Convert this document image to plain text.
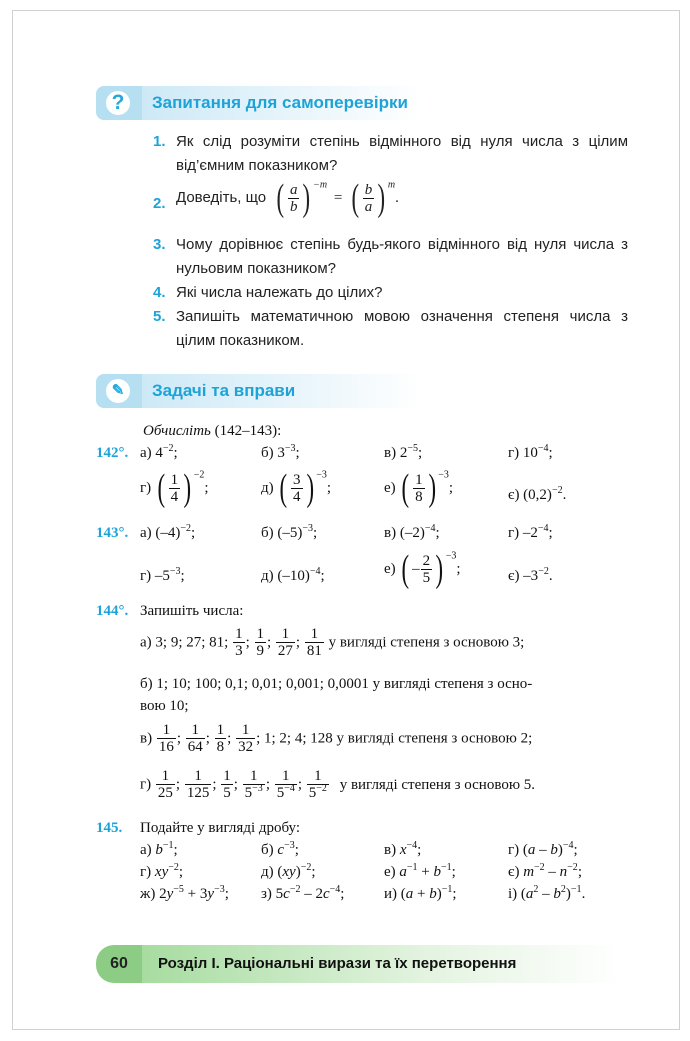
?	Запитання для самоперевірки
1. Як слід розуміти степінь відмінного від нуля числа з цілим від’ємним показником?
2. Доведіть, що ( $\frac{a}{b}$ ) $^{-m}$ = ( $\frac{b}{a}$ ) $^m$.
3. Чому дорівнює степінь будь-якого відмінного від нуля числа з нульовим показником?
4. Які числа належать до цілих?
5. Запишіть математичною мовою означення степеня числа з цілим показником.
✎	Задачі та вправи
Обчисліть (142–143):
142°. а) $4^{-2}$;	б) $3^{-3}$;	в) $2^{-5}$;	г) $10^{-4}$;
г) ( $\frac{1}{4}$ ) $^{-2}$;	д) ( $\frac{3}{4}$ ) $^{-3}$;	е) ( $\frac{1}{8}$ ) $^{-3}$;	є) $(0,2)^{-2}$.
143°. а) $(-4)^{-2}$;	б) $(-5)^{-3}$;	в) $(-2)^{-4}$;	г) $-2^{-4}$;
г) $-5^{-3}$;	д) $(-10)^{-4}$;	е) ( – $\frac{2}{5}$ ) $^{-3}$;	є) $-3^{-2}$.
144°. Запишіть числа:
а) 3; 9; 27; 81; $\frac{1}{3}$ ; $\frac{1}{9}$ ; $\frac{1}{27}$ ; $\frac{1}{81}$ у вигляді степеня з основою 3;
б) 1; 10; 100; 0,1; 0,01; 0,001; 0,0001 у вигляді степеня з осно-
вою 10;
$в) \frac{1}{16}$ ; $\frac{1}{64}$ ; $\frac{1}{8}$ ; $\frac{1}{32}$ ; 1; 2; 4; 128 у вигляді степеня з основою 2;
$г) \frac{1}{25}$ ; $\frac{1}{125}$ ; $\frac{1}{5}$ ; $\frac{1}{5^{-3}}$ ; $\frac{1}{5^{-4}}$ ; $\frac{1}{5^{-2}}$ у вигляді степеня з основою 5.
145. Подайте у вигляді дробу:
а) $b^{-1}$;	б) $c^{-3}$;	в) $x^{-4}$;	г) (a – b)$^{-4}$;
г) $xy^{-2}$;	д) (xy)$^{-2}$;	е) $a^{-1} + b^{-1}$;	є) $m^{-2} - n^{-2}$;
ж) $2y^{-5} + 3y^{-3}$; з) $5c^{-2} - 2c^{-4}$;	и) $(a + b)^{-1}$;	і) $(a^2 - b^2)^{-1}$.
60	Розділ І. Раціональні вирази та їх перетворення
